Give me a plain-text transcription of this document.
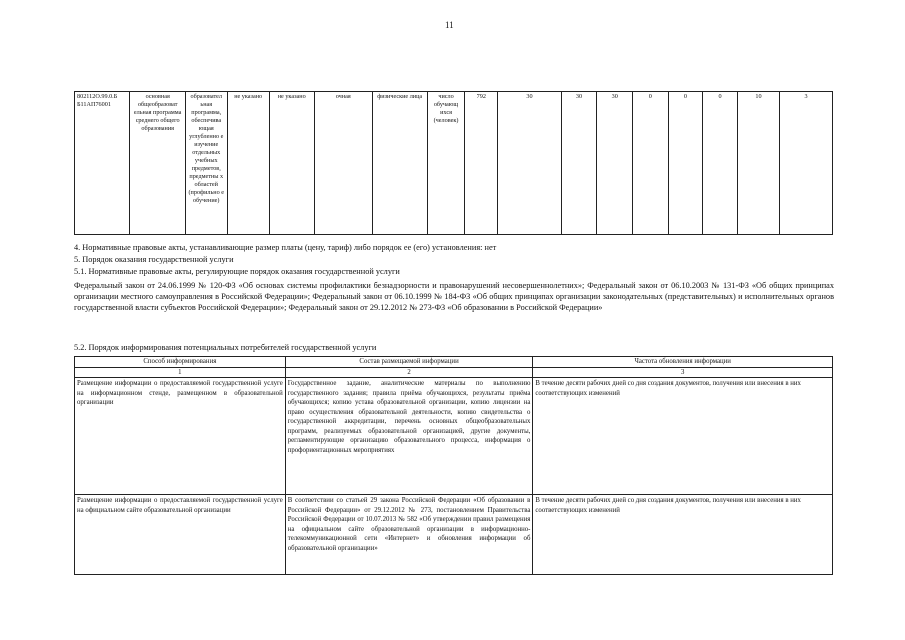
11
802112О.99.0.Б Б11АП76001	основная общеобразоват ельная программа среднего общего образования	образовател ьная программа, обеспечива ющая углубленно е изучение отдельных учебных предметов, предметны х областей (профильно е обучение)	не указано	не указано	очная	физические лица	число обучающ ихся (человек)	792	30	30	30	0	0	0	10	3
4. Нормативные правовые акты, устанавливающие размер платы (цену, тариф) либо порядок ее (его) установления: нет
5. Порядок оказания государственной услуги
5.1. Нормативные правовые акты, регулирующие порядок оказания государственной услуги
Федеральный закон от 24.06.1999 № 120-ФЗ «Об основах системы профилактики безнадзорности и правонарушений несовершеннолетних»; Федеральный закон от 06.10.2003 № 131-ФЗ «Об общих принципах организации местного самоуправления в Российской Федерации»; Федеральный закон от 06.10.1999 № 184-ФЗ «Об общих принципах организации законодательных (представительных) и исполнительных органов государственной власти субъектов Российской Федерации»; Федеральный закон от 29.12.2012 № 273-ФЗ «Об образовании в Российской Федерации»
5.2. Порядок информирования потенциальных потребителей государственной услуги
Способ информирования	Состав размещаемой информации	Частота обновления информации
1	2	3
Размещение информации о предоставляемой государственной услуге на информационном стенде, размещенном в образовательной организации	Государственное задание, аналитические материалы по выполнению государственного задания; правила приёма обучающихся, результаты приёма обучающихся; копию устава образовательной организации, копию лицензии на право осуществления образовательной деятельности, копию свидетельства о государственной аккредитации, перечень основных общеобразовательных программ, реализуемых образовательной организацией, другие документы, регламентирующие организацию образовательного процесса, информация о профориентационных мероприятиях	В течение десяти рабочих дней со дня создания документов, получения или внесения в них соответствующих изменений
Размещение информации о предоставляемой государственной услуге на официальном сайте образовательной организации	В соответствии со статьей 29 закона Российской Федерации «Об образовании в Российской Федерации» от 29.12.2012 № 273, постановлением Правительства Российской Федерации от 10.07.2013 № 582 «Об утверждении правил размещения на официальном сайте образовательной организации в информационно-телекоммуникационной сети «Интернет» и обновления информации об образовательной организации»	В течение десяти рабочих дней со дня создания документов, получения или внесения в них соответствующих изменений
